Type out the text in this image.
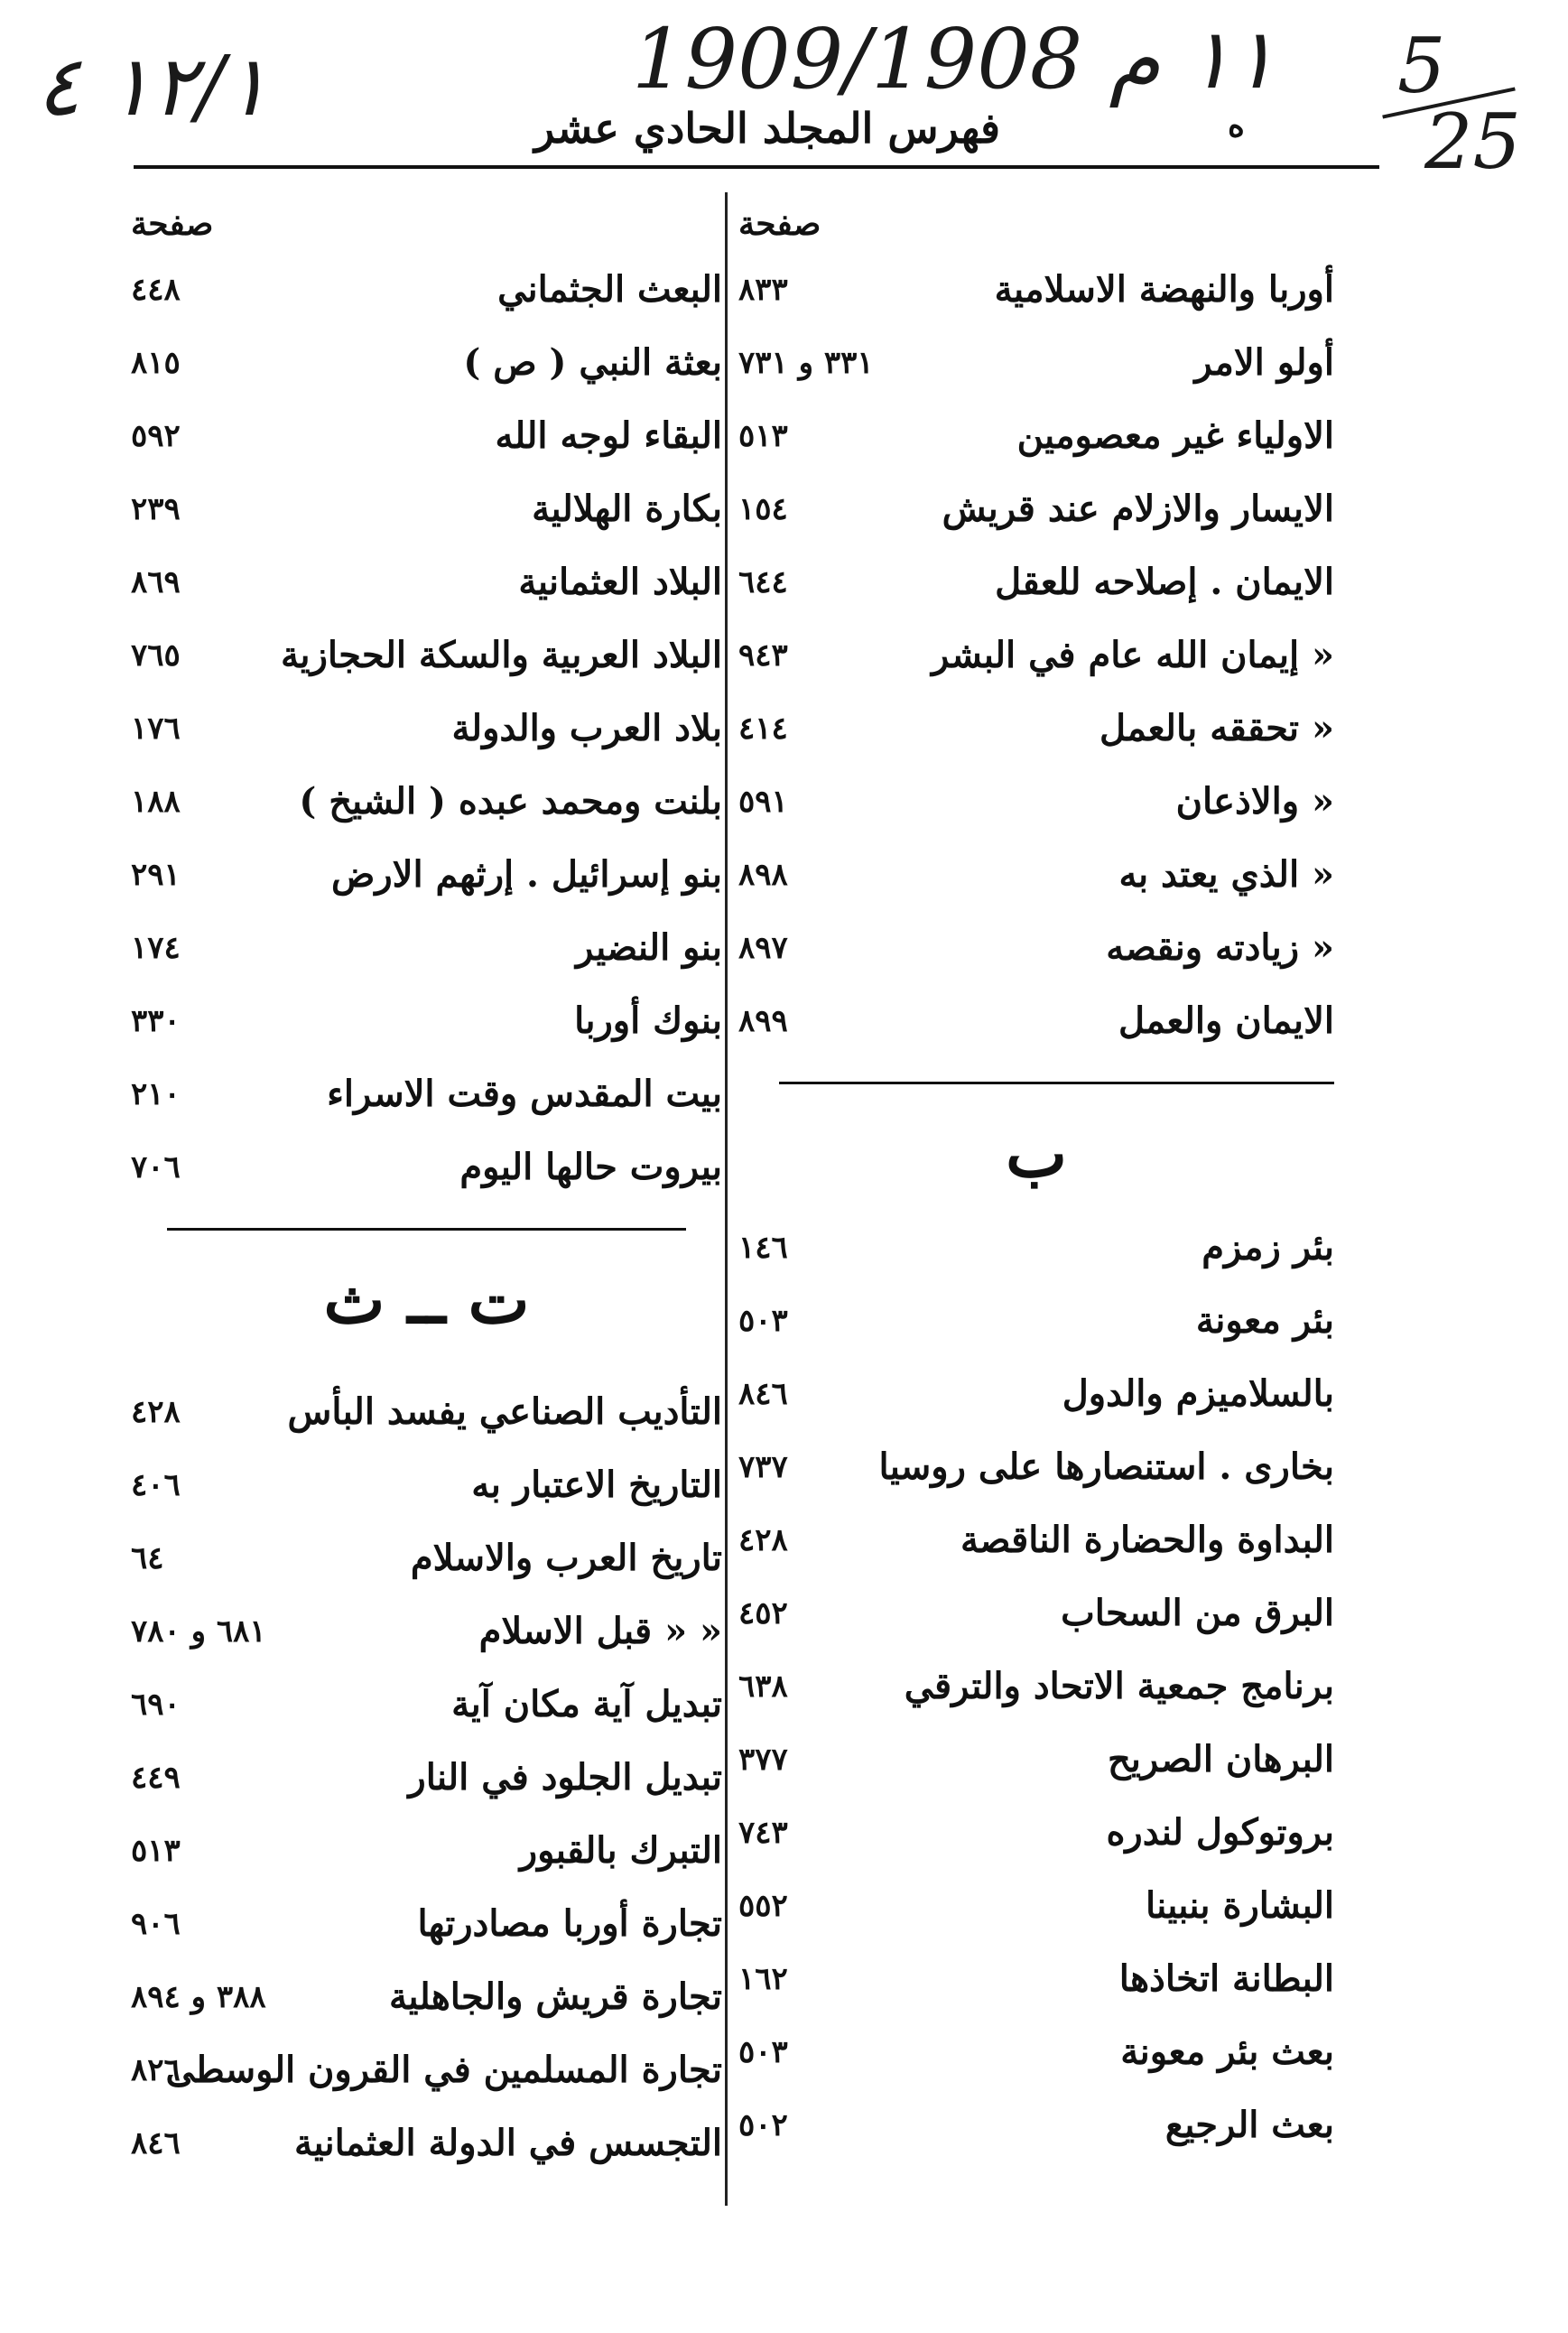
١٢/١ ٤	1909/1908 ١١ م 5
25
فهرس المجلد الحادي عشر	ه
صفحة
أوربا والنهضة الاسلامية
٨٣٣
أولو الامر
٣٣١ و ٧٣١
الاولياء غير معصومين
٥١٣
الايسار والازلام عند قريش
١٥٤
الايمان . إصلاحه للعقل
٦٤٤
« إيمان الله عام في البشر
٩٤٣
« تحققه بالعمل
٤١٤
« والاذعان
٥٩١
« الذي يعتد به
٨٩٨
« زيادته ونقصه
٨٩٧
الايمان والعمل
٨٩٩
ب
بئر زمزم
١٤٦
بئر معونة
٥٠٣
بالسلاميزم والدول
٨٤٦
بخارى . استنصارها على روسيا
٧٣٧
البداوة والحضارة الناقصة
٤٢٨
البرق من السحاب
٤٥٢
برنامج جمعية الاتحاد والترقي
٦٣٨
البرهان الصريح
٣٧٧
بروتوكول لندره
٧٤٣
البشارة بنبينا
٥٥٢
البطانة اتخاذها
١٦٢
بعث بئر معونة
٥٠٣
بعث الرجيع
٥٠٢
صفحة
البعث الجثماني
٤٤٨
بعثة النبي ( ص )
٨١٥
البقاء لوجه الله
٥٩٢
بكارة الهلالية
٢٣٩
البلاد العثمانية
٨٦٩
البلاد العربية والسكة الحجازية
٧٦٥
بلاد العرب والدولة
١٧٦
بلنت ومحمد عبده ( الشيخ )
١٨٨
بنو إسرائيل . إرثهم الارض
٢٩١
بنو النضير
١٧٤
بنوك أوربا
٣٣٠
بيت المقدس وقت الاسراء
٢١٠
بيروت حالها اليوم
٧٠٦
ت ــ ث
التأديب الصناعي يفسد البأس
٤٢٨
التاريخ الاعتبار به
٤٠٦
تاريخ العرب والاسلام
٦٤
« « قبل الاسلام
٦٨١ و ٧٨٠
تبديل آية مكان آية
٦٩٠
تبديل الجلود في النار
٤٤٩
التبرك بالقبور
٥١٣
تجارة أوربا مصادرتها
٩٠٦
تجارة قريش والجاهلية
٣٨٨ و ٨٩٤
تجارة المسلمين في القرون الوسطى
٨٢٦
التجسس في الدولة العثمانية
٨٤٦
